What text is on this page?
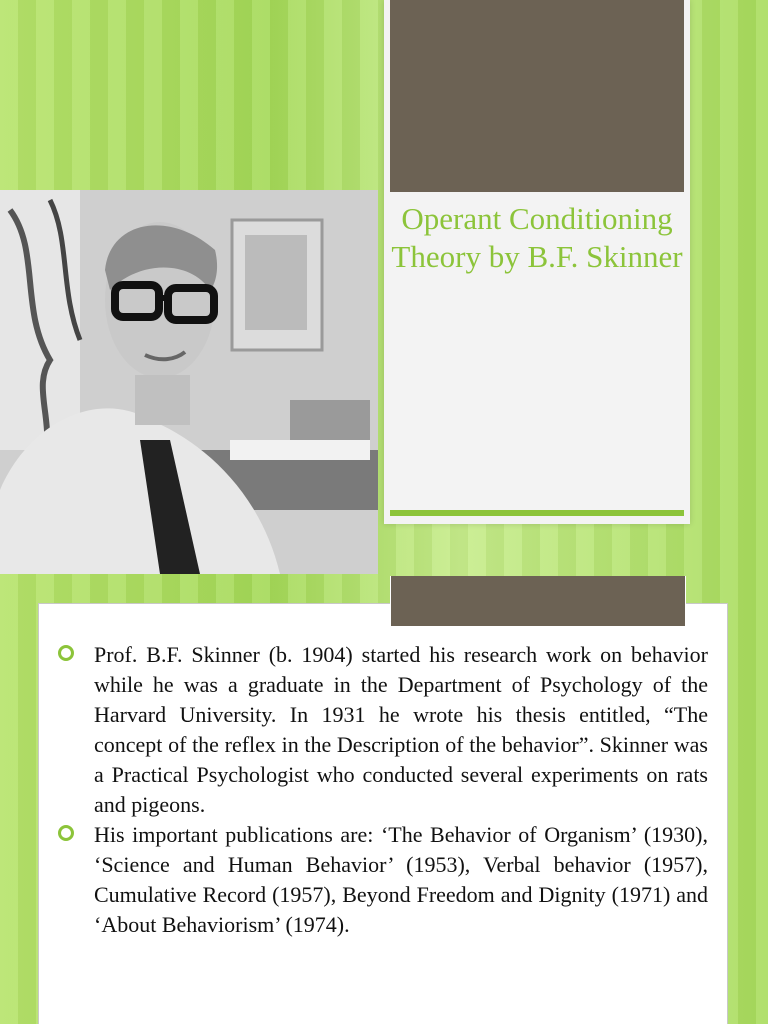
Operant Conditioning Theory by B.F. Skinner
Prof. B.F. Skinner (b. 1904) started his research work on behavior while he was a graduate in the Department of Psychology of the Harvard University. In 1931 he wrote his thesis entitled, “The concept of the reflex in the Description of the behavior”. Skinner was a Practical Psychologist who conducted several experiments on rats and pigeons.
His important publications are: ‘The Behavior of Organism’ (1930), ‘Science and Human Behavior’ (1953), Verbal behavior (1957), Cumulative Record (1957), Beyond Freedom and Dignity (1971) and ‘About Behaviorism’ (1974).
